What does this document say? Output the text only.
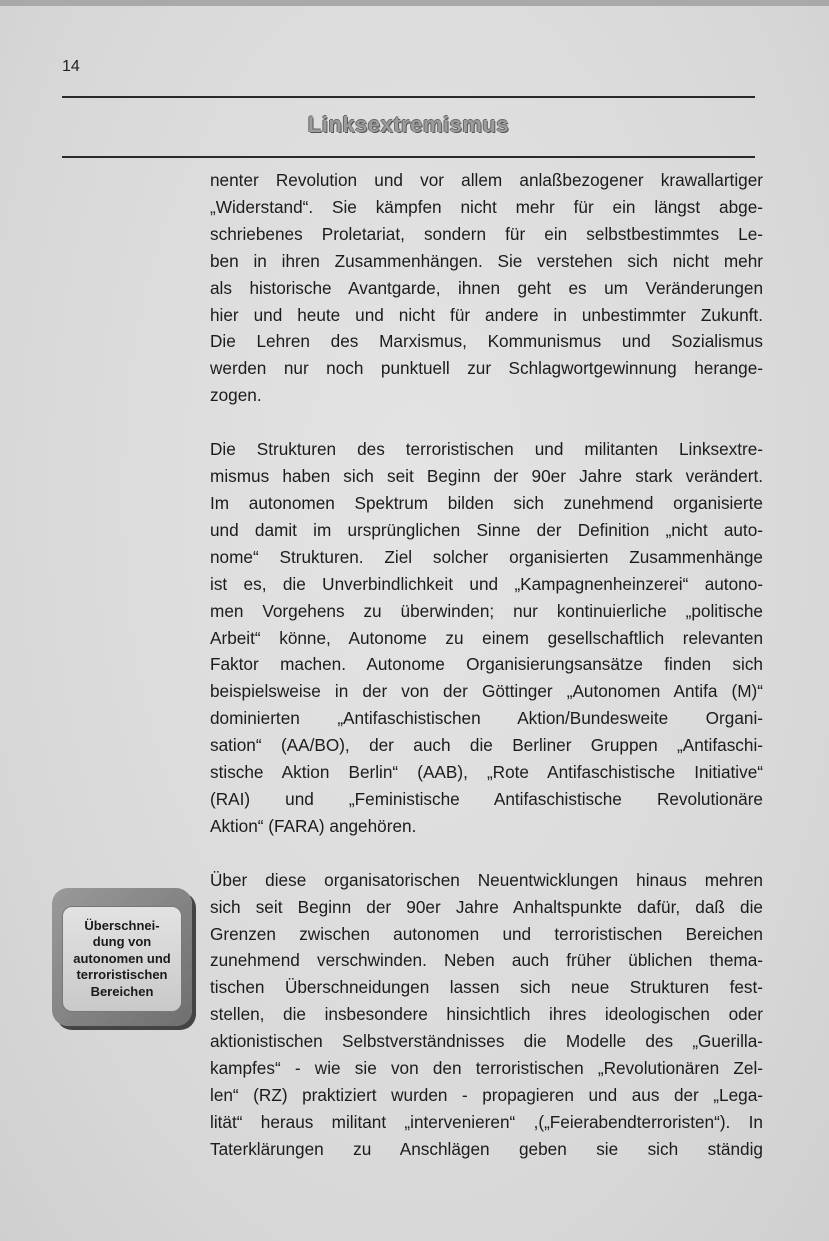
14
Linksextremismus
nenter Revolution und vor allem anlaßbezogener krawallartiger
„Widerstand“. Sie kämpfen nicht mehr für ein längst abge-
schriebenes Proletariat, sondern für ein selbstbestimmtes Le-
ben in ihren Zusammenhängen. Sie verstehen sich nicht mehr
als historische Avantgarde, ihnen geht es um Veränderungen
hier und heute und nicht für andere in unbestimmter Zukunft.
Die Lehren des Marxismus, Kommunismus und Sozialismus
werden nur noch punktuell zur Schlagwortgewinnung herange-
zogen.
Die Strukturen des terroristischen und militanten Linksextre-
mismus haben sich seit Beginn der 90er Jahre stark verändert.
Im autonomen Spektrum bilden sich zunehmend organisierte
und damit im ursprünglichen Sinne der Definition „nicht auto-
nome“ Strukturen. Ziel solcher organisierten Zusammenhänge
ist es, die Unverbindlichkeit und „Kampagnenheinzerei“ autono-
men Vorgehens zu überwinden; nur kontinuierliche „politische
Arbeit“ könne, Autonome zu einem gesellschaftlich relevanten
Faktor machen. Autonome Organisierungsansätze finden sich
beispielsweise in der von der Göttinger „Autonomen Antifa (M)“
dominierten „Antifaschistischen Aktion/Bundesweite Organi-
sation“ (AA/BO), der auch die Berliner Gruppen „Antifaschi-
stische Aktion Berlin“ (AAB), „Rote Antifaschistische Initiative“
(RAI) und „Feministische Antifaschistische Revolutionäre
Aktion“ (FARA) angehören.
Über diese organisatorischen Neuentwicklungen hinaus mehren
sich seit Beginn der 90er Jahre Anhaltspunkte dafür, daß die
Grenzen zwischen autonomen und terroristischen Bereichen
zunehmend verschwinden. Neben auch früher üblichen thema-
tischen Überschneidungen lassen sich neue Strukturen fest-
stellen, die insbesondere hinsichtlich ihres ideologischen oder
aktionistischen Selbstverständnisses die Modelle des „Guerilla-
kampfes“ - wie sie von den terroristischen „Revolutionären Zel-
len“ (RZ) praktiziert wurden - propagieren und aus der „Lega-
lität“ heraus militant „intervenieren“ ,(„Feierabendterroristen“). In
Taterklärungen zu Anschlägen geben sie sich ständig
Überschnei-
dung von
autonomen und
terroristischen
Bereichen
